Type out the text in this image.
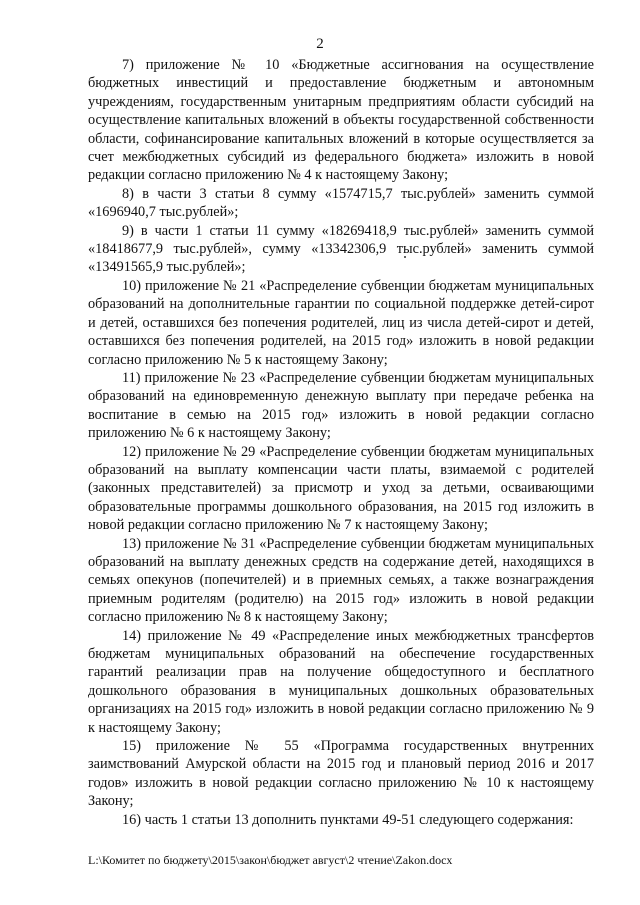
2

7) приложение № 10 «Бюджетные ассигнования на осуществление бюджетных инвестиций и предоставление бюджетным и автономным учреждениям, государственным унитарным предприятиям области субсидий на осуществление капитальных вложений в объекты государственной собственности области, софинансирование капитальных вложений в которые осуществляется за счет межбюджетных субсидий из федерального бюджета» изложить в новой редакции согласно приложению № 4 к настоящему Закону;

8) в части 3 статьи 8 сумму «1574715,7 тыс.рублей» заменить суммой «1696940,7 тыс.рублей»;

9) в части 1 статьи 11 сумму «18269418,9 тыс.рублей» заменить суммой «18418677,9 тыс.рублей», сумму «13342306,9 тыс.рублей» заменить суммой «13491565,9 тыс.рублей»;

10) приложение № 21 «Распределение субвенции бюджетам муниципальных образований на дополнительные гарантии по социальной поддержке детей-сирот и детей, оставшихся без попечения родителей, лиц из числа детей-сирот и детей, оставшихся без попечения родителей, на 2015 год» изложить в новой редакции согласно приложению № 5 к настоящему Закону;

11) приложение № 23 «Распределение субвенции бюджетам муниципальных образований на единовременную денежную выплату при передаче ребенка на воспитание в семью на 2015 год» изложить в новой редакции согласно приложению № 6 к настоящему Закону;

12) приложение № 29 «Распределение субвенции бюджетам муниципальных образований на выплату компенсации части платы, взимаемой с родителей (законных представителей) за присмотр и уход за детьми, осваивающими образовательные программы дошкольного образования, на 2015 год изложить в новой редакции согласно приложению № 7 к настоящему Закону;

13) приложение № 31 «Распределение субвенции бюджетам муниципальных образований на выплату денежных средств на содержание детей, находящихся в семьях опекунов (попечителей) и в приемных семьях, а также вознаграждения приемным родителям (родителю) на 2015 год» изложить в новой редакции согласно приложению № 8 к настоящему Закону;

14) приложение № 49 «Распределение иных межбюджетных трансфертов бюджетам муниципальных образований на обеспечение государственных гарантий реализации прав на получение общедоступного и бесплатного дошкольного образования в муниципальных дошкольных образовательных организациях на 2015 год» изложить в новой редакции согласно приложению № 9 к настоящему Закону;

15) приложение № 55 «Программа государственных внутренних заимствований Амурской области на 2015 год и плановый период 2016 и 2017 годов» изложить в новой редакции согласно приложению № 10 к настоящему Закону;

16) часть 1 статьи 13 дополнить пунктами 49-51 следующего содержания:

L:\Комитет по бюджету\2015\закон\бюджет август\2 чтение\Zakon.docx
